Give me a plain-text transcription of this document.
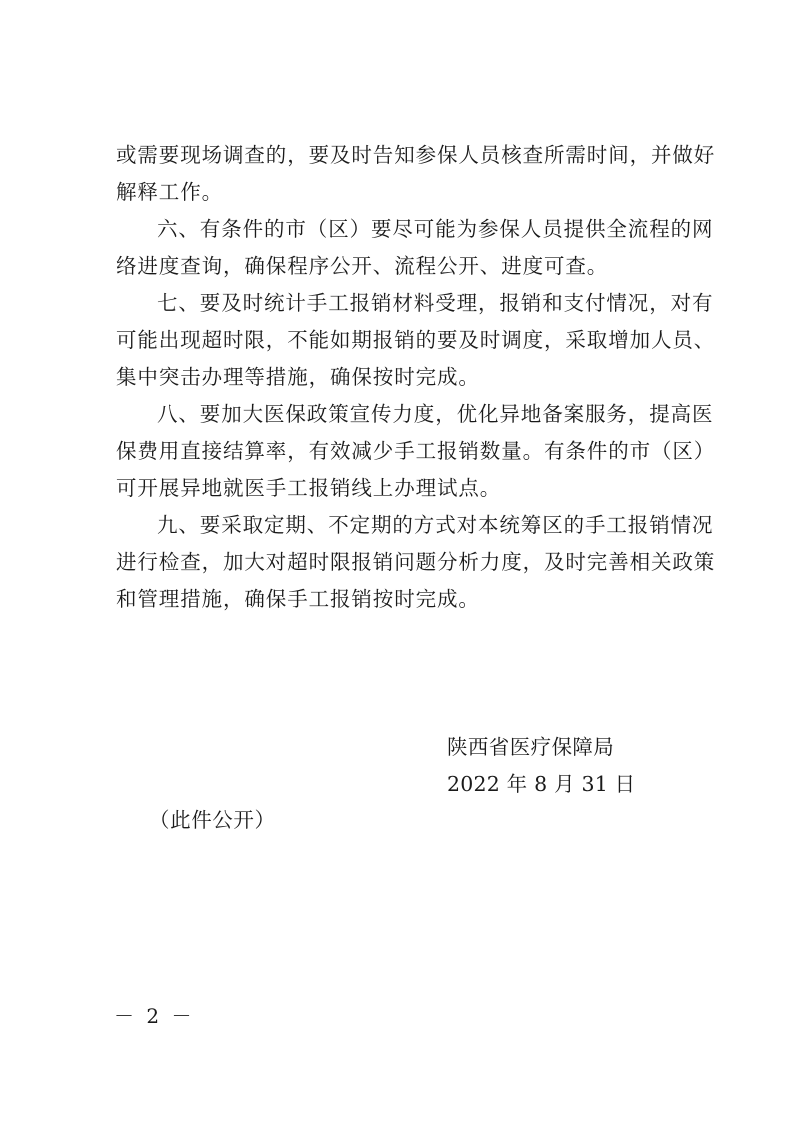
或需要现场调查的，要及时告知参保人员核查所需时间，并做好
解释工作。
六、有条件的市（区）要尽可能为参保人员提供全流程的网
络进度查询，确保程序公开、流程公开、进度可查。
七、要及时统计手工报销材料受理，报销和支付情况，对有
可能出现超时限，不能如期报销的要及时调度，采取增加人员、
集中突击办理等措施，确保按时完成。
八、要加大医保政策宣传力度，优化异地备案服务，提高医
保费用直接结算率，有效减少手工报销数量。有条件的市（区）
可开展异地就医手工报销线上办理试点。
九、要采取定期、不定期的方式对本统筹区的手工报销情况
进行检查，加大对超时限报销问题分析力度，及时完善相关政策
和管理措施，确保手工报销按时完成。
陕西省医疗保障局
2022 年 8 月 31 日
（此件公开）
－ 2 －
